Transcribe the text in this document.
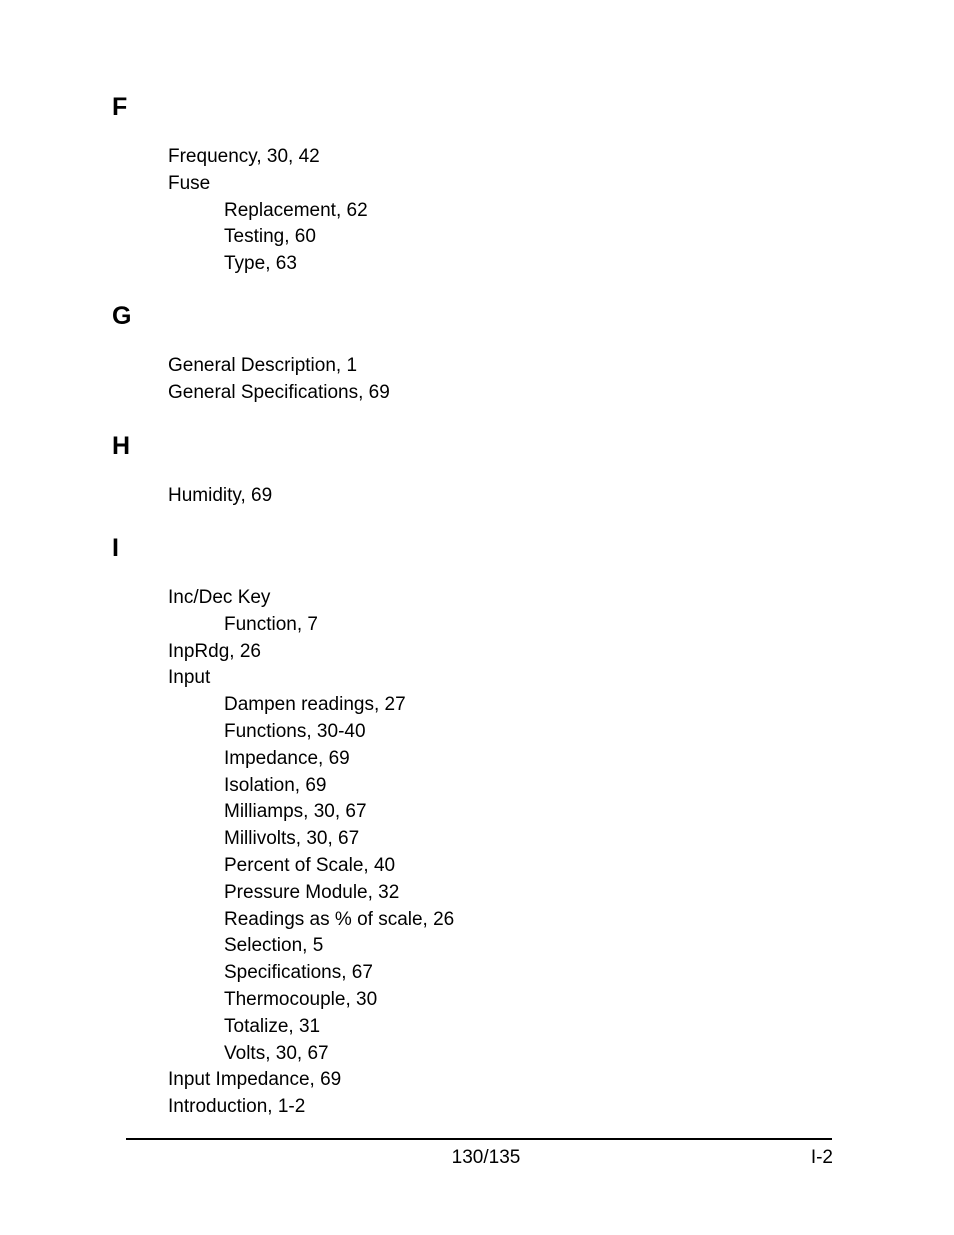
F
Frequency, 30, 42
Fuse
Replacement, 62
Testing, 60
Type, 63
G
General Description, 1
General Specifications, 69
H
Humidity, 69
I
Inc/Dec Key
Function, 7
InpRdg, 26
Input
Dampen readings, 27
Functions, 30-40
Impedance, 69
Isolation, 69
Milliamps, 30, 67
Millivolts, 30, 67
Percent of Scale, 40
Pressure Module, 32
Readings as % of scale, 26
Selection, 5
Specifications, 67
Thermocouple, 30
Totalize, 31
Volts, 30, 67
Input Impedance, 69
Introduction, 1-2
130/135	I-2
